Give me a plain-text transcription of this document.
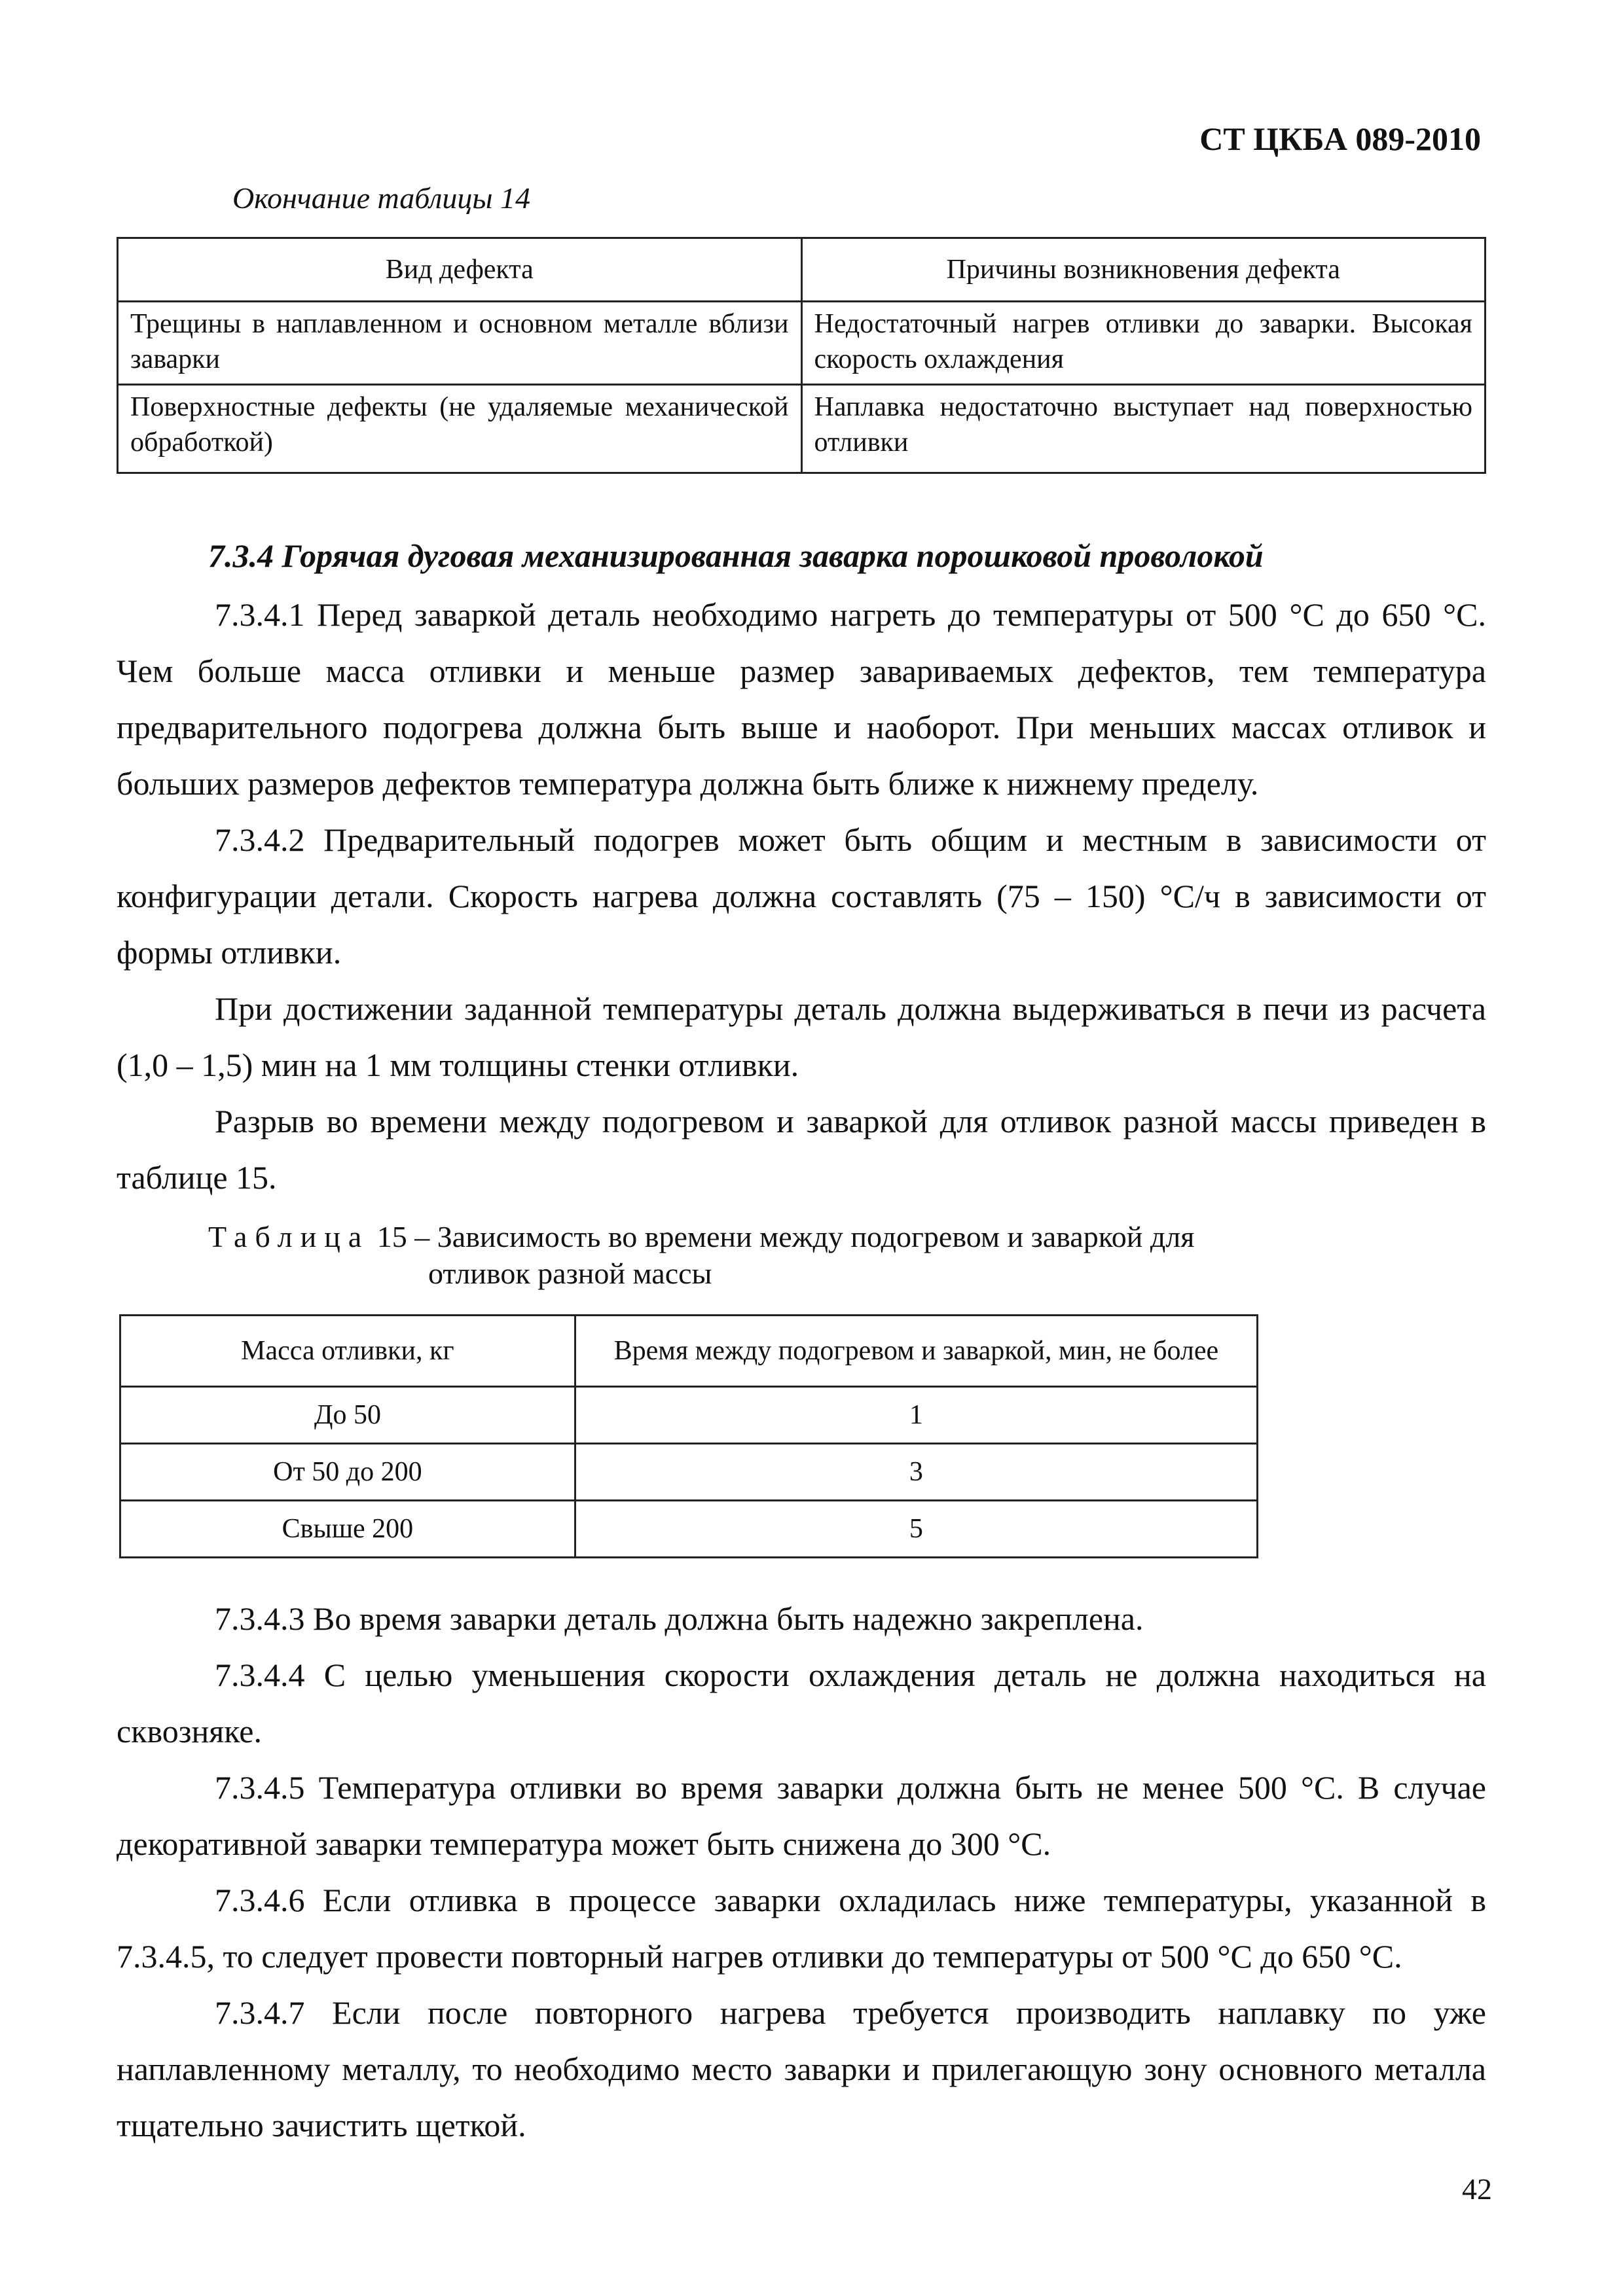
СТ ЦКБА 089-2010
Окончание таблицы 14
Вид дефекта	Причины возникновения дефекта
Трещины в наплавленном и основном металле вблизи заварки	Недостаточный нагрев отливки до заварки. Высокая скорость охлаждения
Поверхностные дефекты (не удаляемые механической обработкой)	Наплавка недостаточно выступает над поверхностью отливки
7.3.4 Горячая дуговая механизированная заварка порошковой проволокой

7.3.4.1 Перед заваркой деталь необходимо нагреть до температуры от 500 °С до 650 °С. Чем больше масса отливки и меньше размер завариваемых дефектов, тем температура предварительного подогрева должна быть выше и наоборот. При меньших массах отливок и больших размеров дефектов температура должна быть ближе к нижнему пределу.

7.3.4.2 Предварительный подогрев может быть общим и местным в зависимости от конфигурации детали. Скорость нагрева должна составлять (75 – 150) °С/ч в зависимости от формы отливки.

При достижении заданной температуры деталь должна выдерживаться в печи из расчета (1,0 – 1,5) мин на 1 мм толщины стенки отливки.

Разрыв во времени между подогревом и заваркой для отливок разной массы приведен в таблице 15.

Таблица 15 – Зависимость во времени между подогревом и заваркой для
отливок разной массы
Масса отливки, кг	Время между подогревом и заваркой, мин, не более
До 50	1
От 50 до 200	3
Свыше 200	5

7.3.4.3 Во время заварки деталь должна быть надежно закреплена.

7.3.4.4 С целью уменьшения скорости охлаждения деталь не должна находиться на сквозняке.

7.3.4.5 Температура отливки во время заварки должна быть не менее 500 °С. В случае декоративной заварки температура может быть снижена до 300 °С.

7.3.4.6 Если отливка в процессе заварки охладилась ниже температуры, указанной в 7.3.4.5, то следует провести повторный нагрев отливки до температуры от 500 °С до 650 °С.

7.3.4.7 Если после повторного нагрева требуется производить наплавку по уже наплавленному металлу, то необходимо место заварки и прилегающую зону основного металла тщательно зачистить щеткой.

42
